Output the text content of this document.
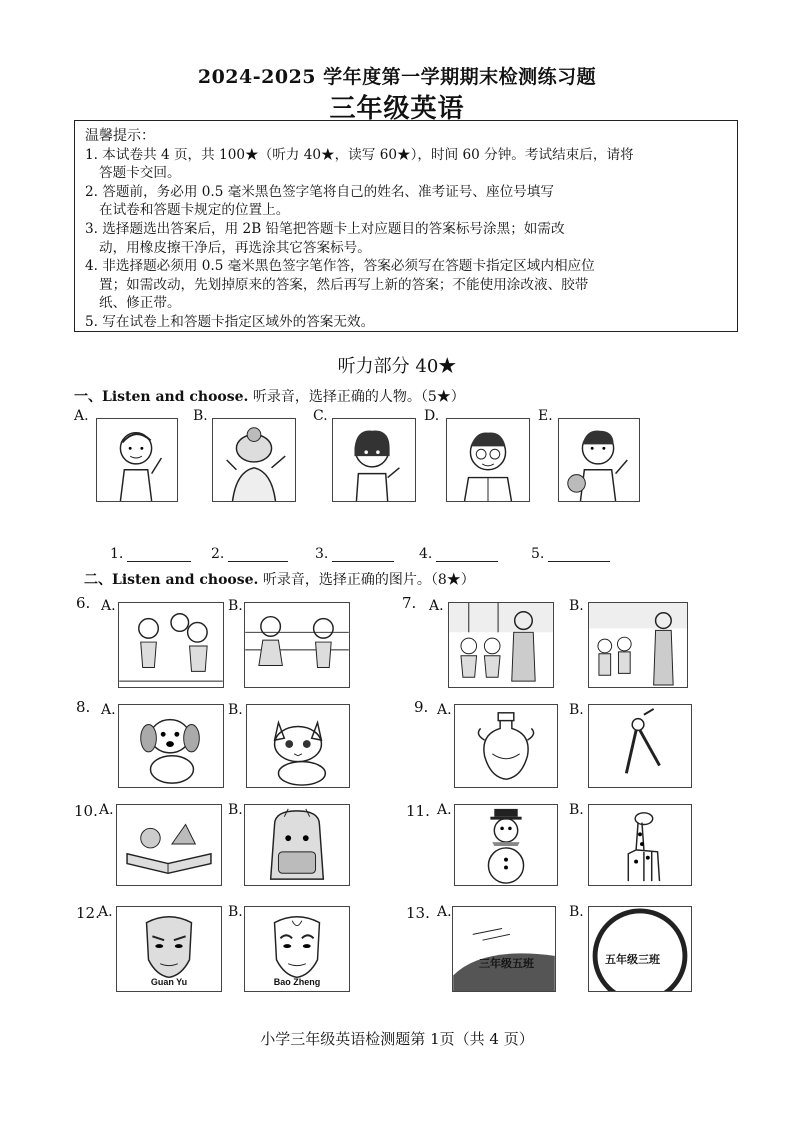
2024-2025 学年度第一学期期末检测练习题
三年级英语

温馨提示：

1. 本试卷共 4 页，共 100★（听力 40★，读写 60★），时间 60 分钟。考试结束后，请将

答题卡交回。

2. 答题前，务必用 0.5 毫米黑色签字笔将自己的姓名、准考证号、座位号填写

在试卷和答题卡规定的位置上。

3. 选择题选出答案后，用 2B 铅笔把答题卡上对应题目的答案标号涂黑；如需改

动，用橡皮擦干净后，再选涂其它答案标号。

4. 非选择题必须用 0.5 毫米黑色签字笔作答，答案必须写在答题卡指定区域内相应位

置；如需改动，先划掉原来的答案，然后再写上新的答案；不能使用涂改液、胶带

纸、修正带。

5. 写在试卷上和答题卡指定区域外的答案无效。

听力部分 40★
一、Listen and choose. 听录音，选择正确的人物。（5★）
A.	B.	C.	D.	E.
1.	2.	3.	4.	5.
二、Listen and choose. 听录音，选择正确的图片。（8★）
6. A.	B.	7. A.	B.
8. A.	B.	9. A.	B.
10. A.	B.	11. A.	B.
12.
A.
Guan Yu
B.
Bao Zheng
13. A.
三年级五班
B.
五年级三班
小学三年级英语检测题第 1页（共 4 页）
